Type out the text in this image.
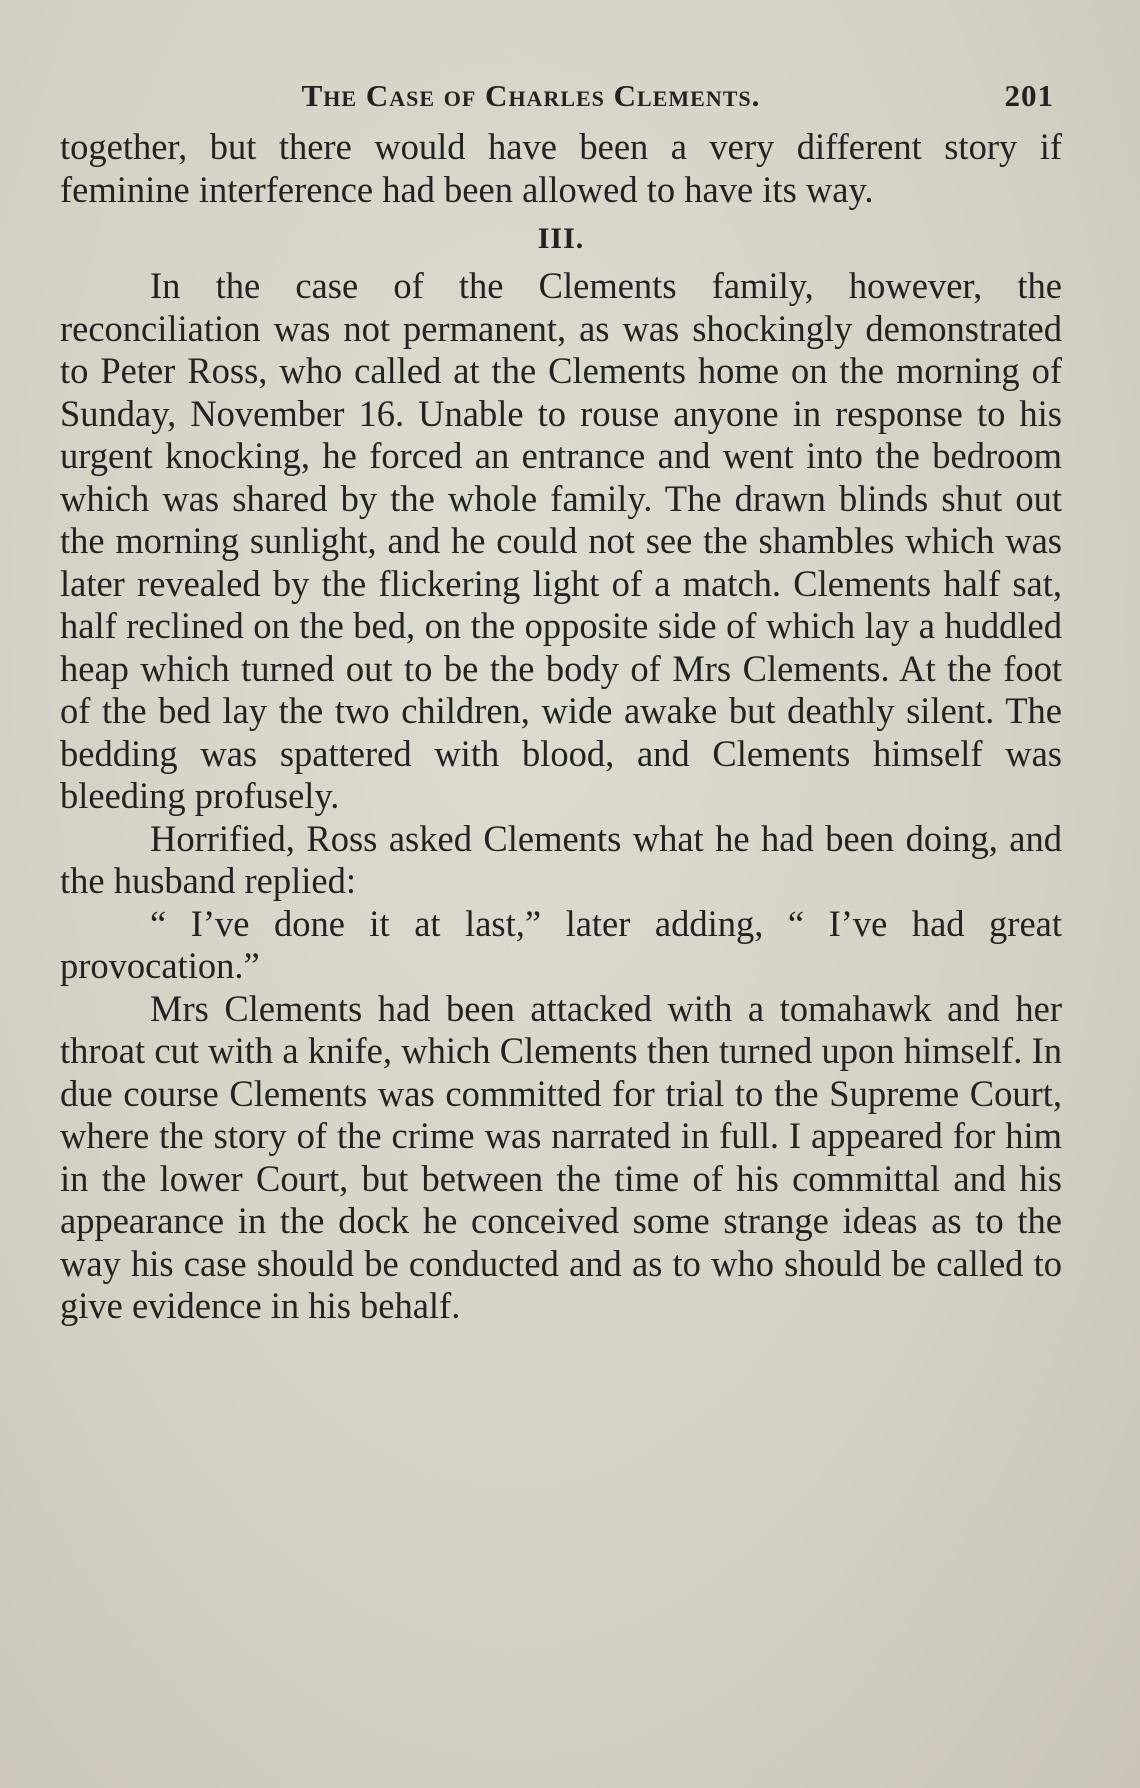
The Case of Charles Clements.	201

together, but there would have been a very different story if feminine interference had been allowed to have its way.

III.

In the case of the Clements family, however, the reconciliation was not permanent, as was shockingly demonstrated to Peter Ross, who called at the Clements home on the morning of Sunday, November 16. Unable to rouse anyone in response to his urgent knocking, he forced an entrance and went into the bedroom which was shared by the whole family. The drawn blinds shut out the morning sunlight, and he could not see the shambles which was later revealed by the flickering light of a match. Clements half sat, half reclined on the bed, on the opposite side of which lay a huddled heap which turned out to be the body of Mrs Clements. At the foot of the bed lay the two children, wide awake but deathly silent. The bedding was spattered with blood, and Clements himself was bleeding profusely.

Horrified, Ross asked Clements what he had been doing, and the husband replied:

“ I’ve done it at last,” later adding, “ I’ve had great provocation.”

Mrs Clements had been attacked with a tomahawk and her throat cut with a knife, which Clements then turned upon himself. In due course Clements was committed for trial to the Supreme Court, where the story of the crime was narrated in full. I appeared for him in the lower Court, but between the time of his committal and his appearance in the dock he conceived some strange ideas as to the way his case should be conducted and as to who should be called to give evidence in his behalf.
